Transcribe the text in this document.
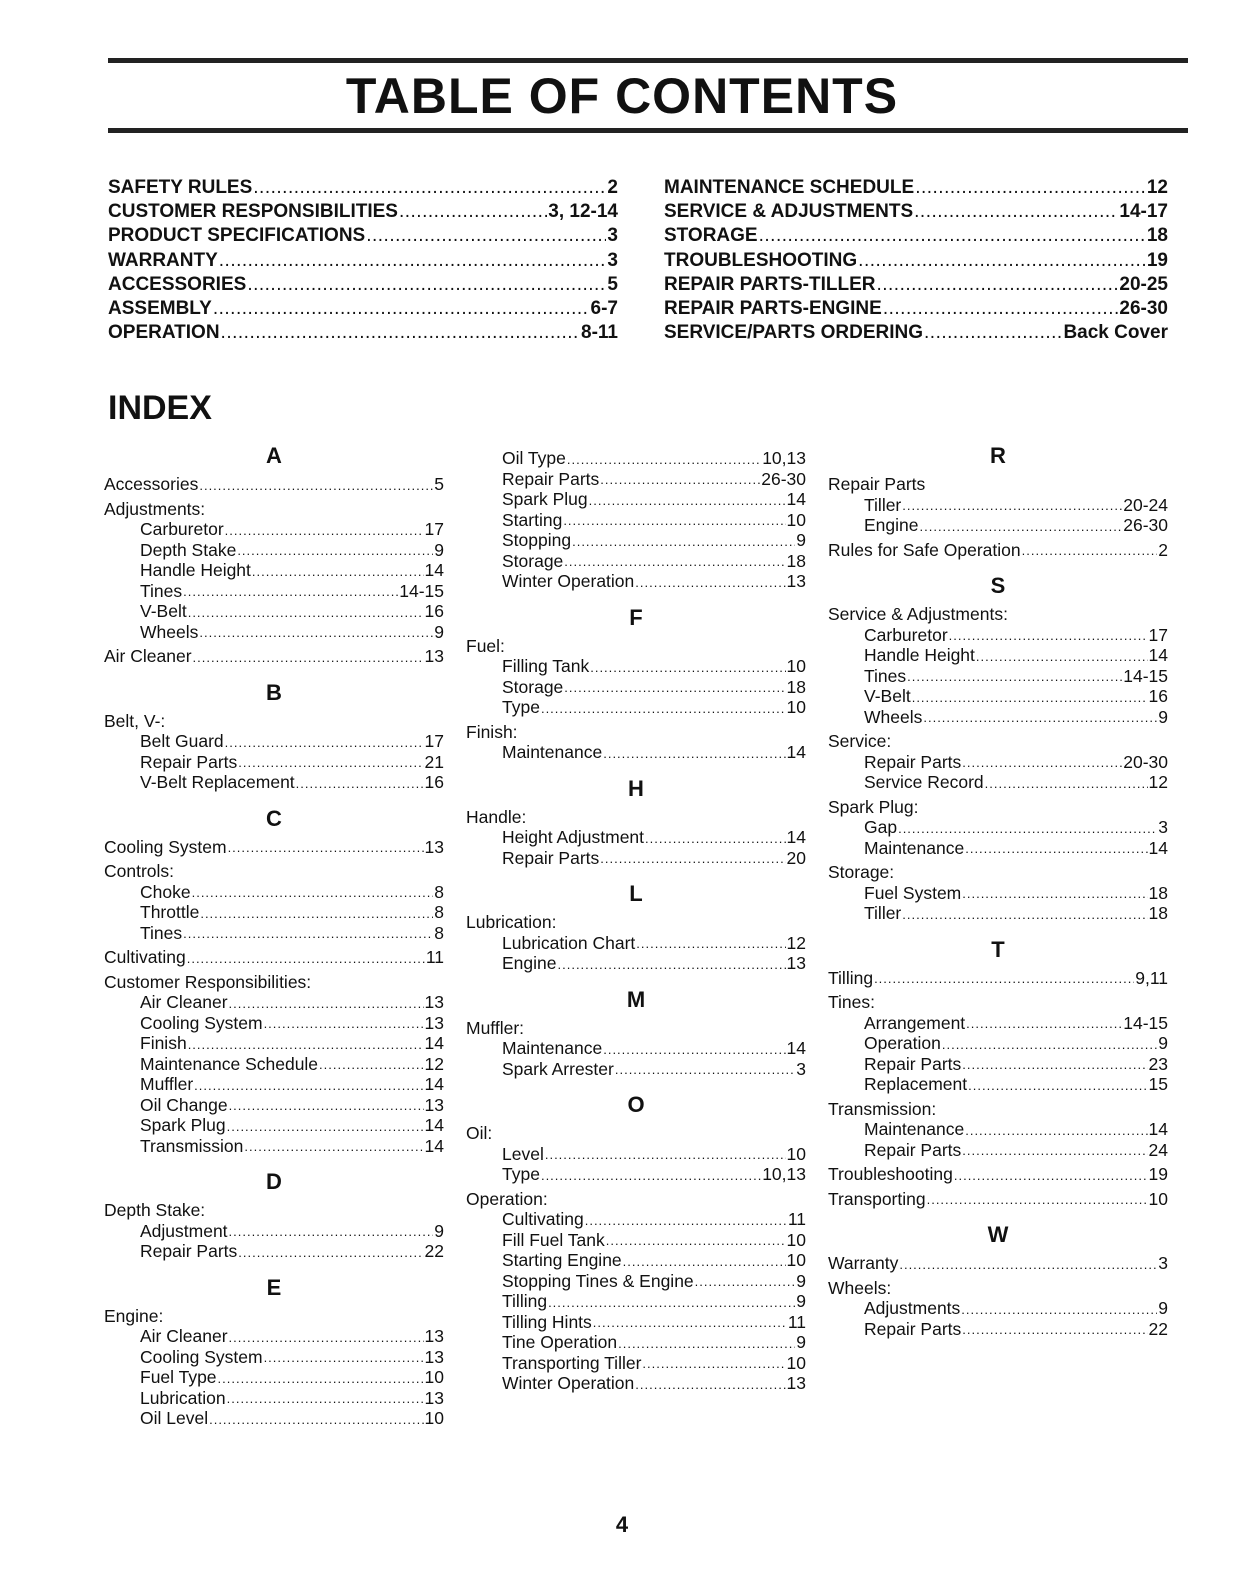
TABLE OF CONTENTS
SAFETY RULES .....	2
CUSTOMER RESPONSIBILITIES .....	3, 12-14
PRODUCT SPECIFICATIONS .....	3
WARRANTY .....	3
ACCESSORIES .....	5
ASSEMBLY .....	6-7
OPERATION .....	8-11
MAINTENANCE SCHEDULE .....	12
SERVICE & ADJUSTMENTS .....	14-17
STORAGE .....	18
TROUBLESHOOTING .....	19
REPAIR PARTS-TILLER .....	20-25
REPAIR PARTS-ENGINE .....	26-30
SERVICE/PARTS ORDERING .....	Back Cover
INDEX
A
Accessories .....	5
Adjustments:
Carburetor .....	17
Depth Stake .....	9
Handle Height .....	14
Tines .....	14-15
V-Belt .....	16
Wheels .....	9
Air Cleaner .....	13
B
Belt, V-:
Belt Guard .....	17
Repair Parts .....	21
V-Belt Replacement .....	16
C
Cooling System .....	13
Controls:
Choke .....	8
Throttle .....	8
Tines .....	8
Cultivating .....	11
Customer Responsibilities:
Air Cleaner .....	13
Cooling System .....	13
Finish .....	14
Maintenance Schedule .....	12
Muffler .....	14
Oil Change .....	13
Spark Plug .....	14
Transmission .....	14
D
Depth Stake:
Adjustment .....	9
Repair Parts .....	22
E
Engine:
Air Cleaner .....	13
Cooling System .....	13
Fuel Type .....	10
Lubrication .....	13
Oil Level .....	10
Oil Type .....	10,13
Repair Parts .....	26-30
Spark Plug .....	14
Starting .....	10
Stopping .....	9
Storage .....	18
Winter Operation .....	13
F
Fuel:
Filling Tank .....	10
Storage .....	18
Type .....	10
Finish:
Maintenance .....	14
H
Handle:
Height Adjustment .....	14
Repair Parts .....	20
L
Lubrication:
Lubrication Chart .....	12
Engine .....	13
M
Muffler:
Maintenance .....	14
Spark Arrester .....	3
O
Oil:
Level .....	10
Type .....	10,13
Operation:
Cultivating .....	11
Fill Fuel Tank .....	10
Starting Engine .....	10
Stopping Tines & Engine .....	9
Tilling .....	9
Tilling Hints .....	11
Tine Operation .....	9
Transporting Tiller .....	10
Winter Operation .....	13
R
Repair Parts
Tiller .....	20-24
Engine .....	26-30
Rules for Safe Operation .....	2
S
Service & Adjustments:
Carburetor .....	17
Handle Height .....	14
Tines .....	14-15
V-Belt .....	16
Wheels .....	9
Service:
Repair Parts .....	20-30
Service Record .....	12
Spark Plug:
Gap .....	3
Maintenance .....	14
Storage:
Fuel System .....	18
Tiller .....	18
T
Tilling .....	9,11
Tines:
Arrangement .....	14-15
Operation .....	9
Repair Parts .....	23
Replacement .....	15
Transmission:
Maintenance .....	14
Repair Parts .....	24
Troubleshooting .....	19
Transporting .....	10
W
Warranty .....	3
Wheels:
Adjustments .....	9
Repair Parts .....	22
4
